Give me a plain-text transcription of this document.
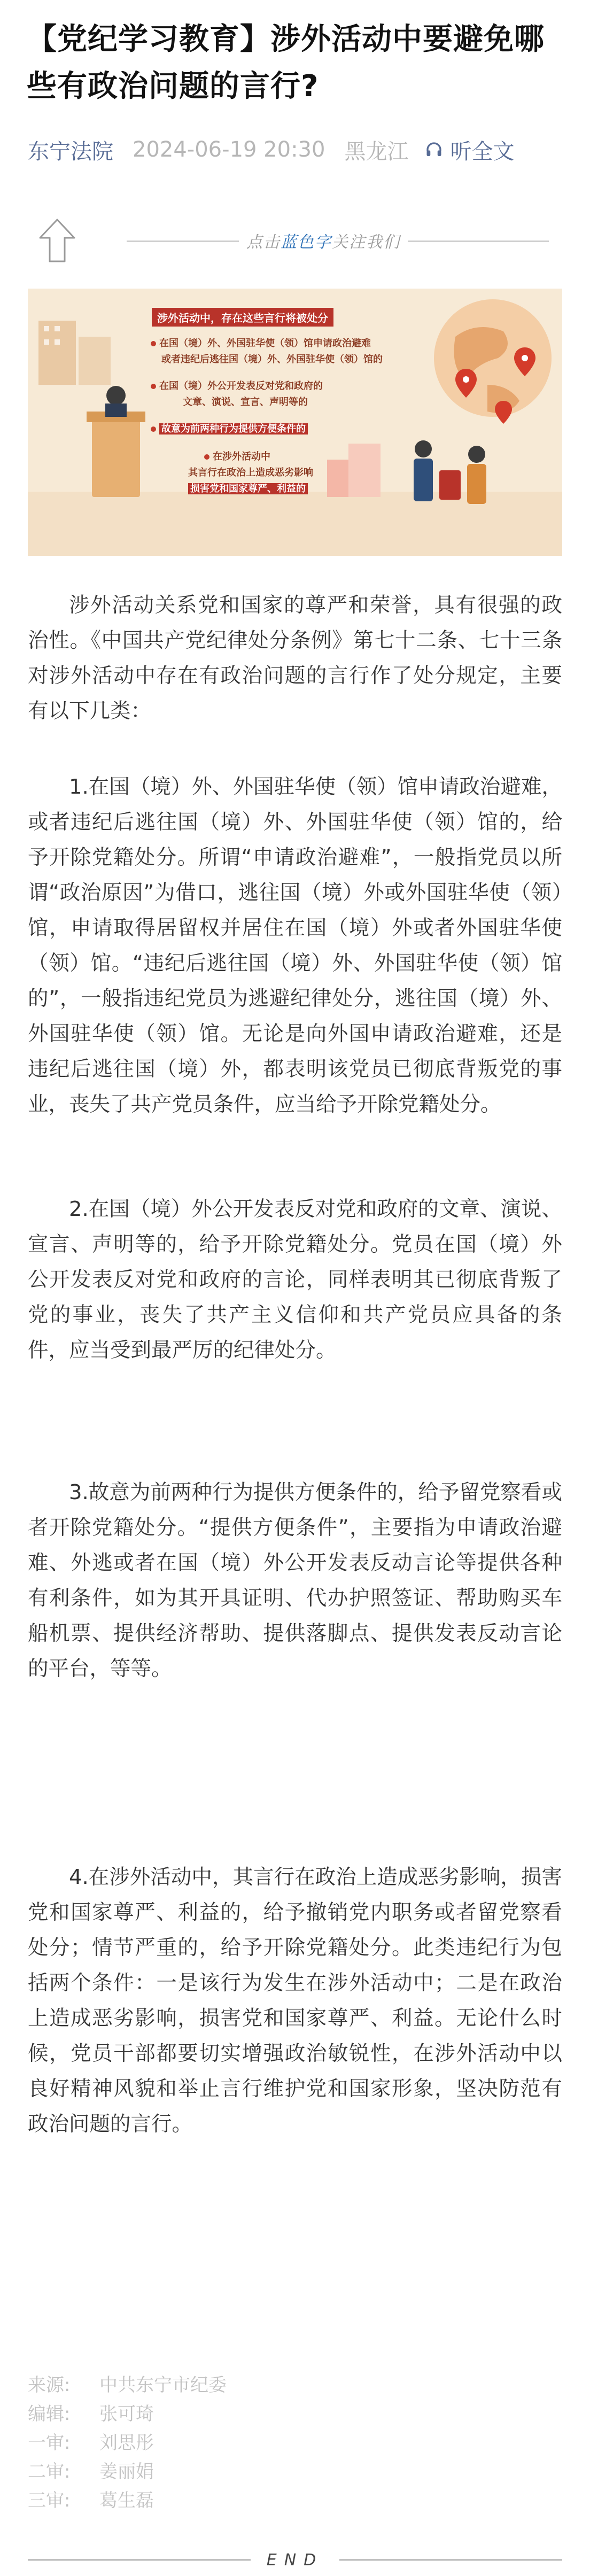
【党纪学习教育】涉外活动中要避免哪些有政治问题的言行?
东宁法院 2024-06-19 20:30 黑龙江 听全文
点击蓝色字关注我们
涉外活动中，存在这些言行将被处分
在国（境）外、外国驻华使（领）馆申请政治避难
或者违纪后逃往国（境）外、外国驻华使（领）馆的
在国（境）外公开发表反对党和政府的
文章、演说、宣言、声明等的
故意为前两种行为提供方便条件的
在涉外活动中
其言行在政治上造成恶劣影响
损害党和国家尊严、利益的

涉外活动关系党和国家的尊严和荣誉，具有很强的政治性。《中国共产党纪律处分条例》第七十二条、七十三条对涉外活动中存在有政治问题的言行作了处分规定，主要有以下几类：

1.在国（境）外、外国驻华使（领）馆申请政治避难，或者违纪后逃往国（境）外、外国驻华使（领）馆的，给予开除党籍处分。所谓“申请政治避难”，一般指党员以所谓“政治原因”为借口，逃往国（境）外或外国驻华使（领）馆，申请取得居留权并居住在国（境）外或者外国驻华使（领）馆。“违纪后逃往国（境）外、外国驻华使（领）馆的”，一般指违纪党员为逃避纪律处分，逃往国（境）外、外国驻华使（领）馆。无论是向外国申请政治避难，还是违纪后逃往国（境）外，都表明该党员已彻底背叛党的事业，丧失了共产党员条件，应当给予开除党籍处分。

2.在国（境）外公开发表反对党和政府的文章、演说、宣言、声明等的，给予开除党籍处分。党员在国（境）外公开发表反对党和政府的言论，同样表明其已彻底背叛了党的事业，丧失了共产主义信仰和共产党员应具备的条件，应当受到最严厉的纪律处分。

3.故意为前两种行为提供方便条件的，给予留党察看或者开除党籍处分。“提供方便条件”，主要指为申请政治避难、外逃或者在国（境）外公开发表反动言论等提供各种有利条件，如为其开具证明、代办护照签证、帮助购买车船机票、提供经济帮助、提供落脚点、提供发表反动言论的平台，等等。

4.在涉外活动中，其言行在政治上造成恶劣影响，损害党和国家尊严、利益的，给予撤销党内职务或者留党察看处分；情节严重的，给予开除党籍处分。此类违纪行为包括两个条件：一是该行为发生在涉外活动中；二是在政治上造成恶劣影响，损害党和国家尊严、利益。无论什么时候，党员干部都要切实增强政治敏锐性，在涉外活动中以良好精神风貌和举止言行维护党和国家形象，坚决防范有政治问题的言行。

来源:	中共东宁市纪委
编辑:	张可琦
一审:	刘思彤
二审:	姜丽娟
三审:	葛生磊
END
